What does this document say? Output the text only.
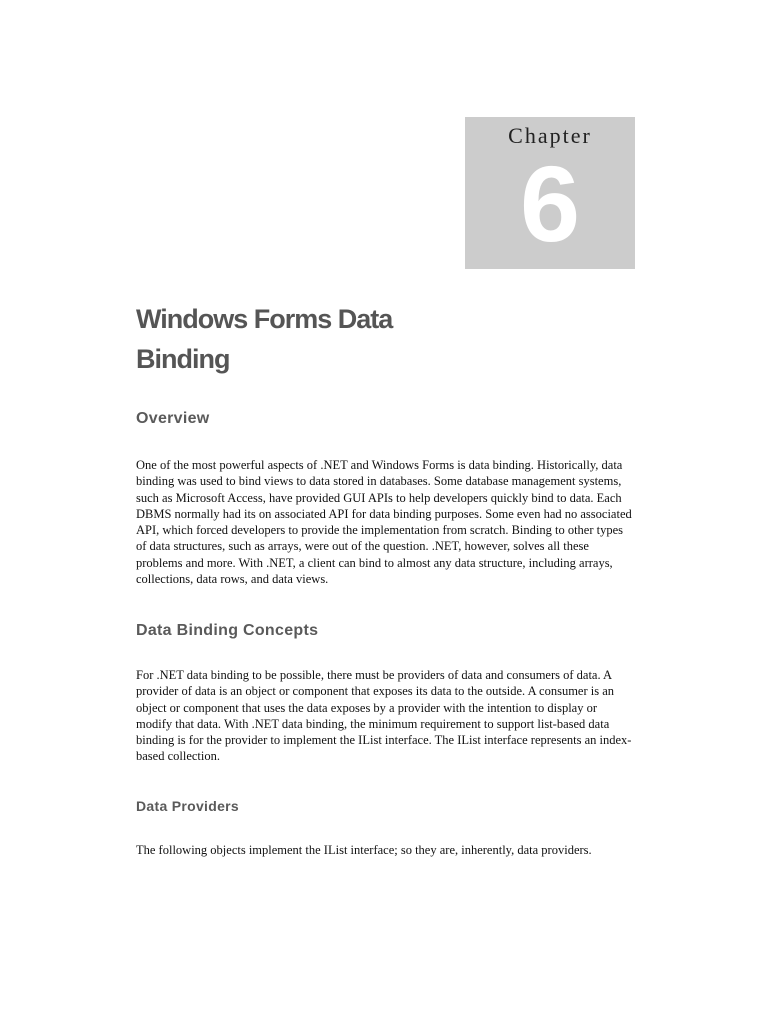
Chapter
6
Windows Forms Data
Binding
Overview

One of the most powerful aspects of .NET and Windows Forms is data binding. Historically, data binding was used to bind views to data stored in databases. Some database management systems, such as Microsoft Access, have provided GUI APIs to help developers quickly bind to data. Each DBMS normally had its on associated API for data binding purposes. Some even had no associated API, which forced developers to provide the implementation from scratch. Binding to other types of data structures, such as arrays, were out of the question. .NET, however, solves all these problems and more. With .NET, a client can bind to almost any data structure, including arrays, collections, data rows, and data views.

Data Binding Concepts

For .NET data binding to be possible, there must be providers of data and consumers of data. A provider of data is an object or component that exposes its data to the outside. A consumer is an object or component that uses the data exposes by a provider with the intention to display or modify that data. With .NET data binding, the minimum requirement to support list-based data binding is for the provider to implement the IList interface. The IList interface represents an index-based collection.

Data Providers

The following objects implement the IList interface; so they are, inherently, data providers.
